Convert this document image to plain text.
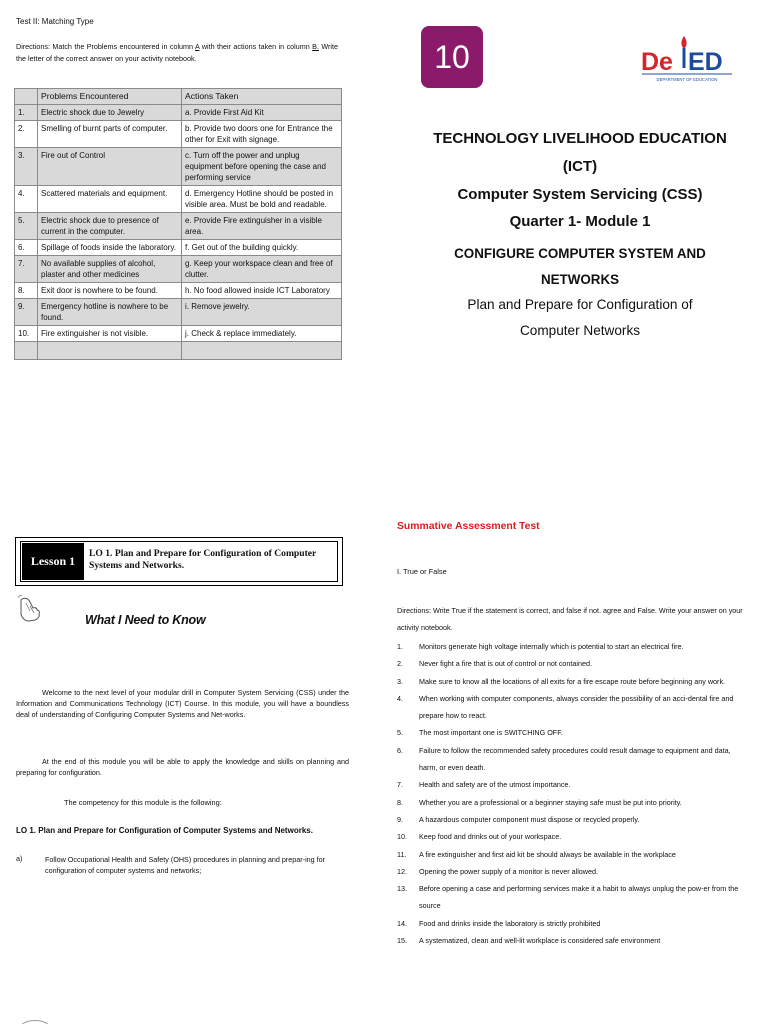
Test II: Matching Type
Directions: Match the Problems encountered in column A with their actions taken in column B. Write the letter of the correct answer on your activity notebook.
	Problems Encountered	Actions Taken
1.	Electric shock due to Jewelry	a. Provide First Aid Kit
2.	Smelling of burnt parts of computer.	b. Provide two doors one for Entrance the other for Exit with signage.
3.	Fire out of Control	c. Turn off the power and unplug equipment before opening the case and performing service
4.	Scattered materials and equipment.	d. Emergency Hotline should be posted in visible area. Must be bold and readable.
5.	Electric shock due to presence of current in the computer.	e. Provide Fire extinguisher in a visible area.
6.	Spillage of foods inside the laboratory.	f. Get out of the building quickly.
7.	No available supplies of alcohol, plaster and other medicines	g. Keep your workspace clean and free of clutter.
8.	Exit door is nowhere to be found.	h. No food allowed inside ICT Laboratory
9.	Emergency hotline is nowhere to be found.	i. Remove jewelry.
10.	Fire extinguisher is not visible.	j. Check & replace immediately.

10	De ED
DEPARTMENT OF EDUCATION
TECHNOLOGY LIVELIHOOD EDUCATION
(ICT)
Computer System Servicing (CSS)
Quarter 1- Module 1
CONFIGURE COMPUTER SYSTEM AND
NETWORKS
Plan and Prepare for Configuration of
Computer Networks
Lesson 1
LO 1. Plan and Prepare for Configuration of Computer Systems and Networks.
What I Need to Know
Welcome to the next level of your modular drill in Computer System Servicing (CSS) under the Information and Communications Technology (ICT) Course. In this module, you will have a boundless deal of understanding of Configuring Computer Systems and Net-works.
At the end of this module you will be able to apply the knowledge and skills on planning and preparing for configuration.
The competency for this module is the following:
LO 1. Plan and Prepare for Configuration of Computer Systems and Networks.
a)	Follow Occupational Health and Safety (OHS) procedures in planning and prepar-ing for configuration of computer systems and networks;
Summative Assessment Test
I. True or False
Directions: Write True if the statement is correct, and false if not. agree and False. Write your answer on your activity notebook.
1.	Monitors generate high voltage internally which is potential to start an electrical fire.
2.	Never fight a fire that is out of control or not contained.
3.	Make sure to know all the locations of all exits for a fire escape route before beginning any work.
4.	When working with computer components, always consider the possibility of an acci-dental fire and prepare how to react.
5.	The most important one is SWITCHING OFF.
6.	Failure to follow the recommended safety procedures could result damage to equipment and data, harm, or even death.
7.	Health and safety are of the utmost importance.
8.	Whether you are a professional or a beginner staying safe must be put into priority.
9.	A hazardous computer component must dispose or recycled properly.
10.	Keep food and drinks out of your workspace.
11.	A fire extinguisher and first aid kit be should always be available in the workplace
12.	Opening the power supply of a monitor is never allowed.
13.	Before opening a case and performing services make it a habit to always unplug the pow-er from the source
14.	Food and drinks inside the laboratory is strictly prohibited
15.	A systematized, clean and well-lit workplace is considered safe environment
